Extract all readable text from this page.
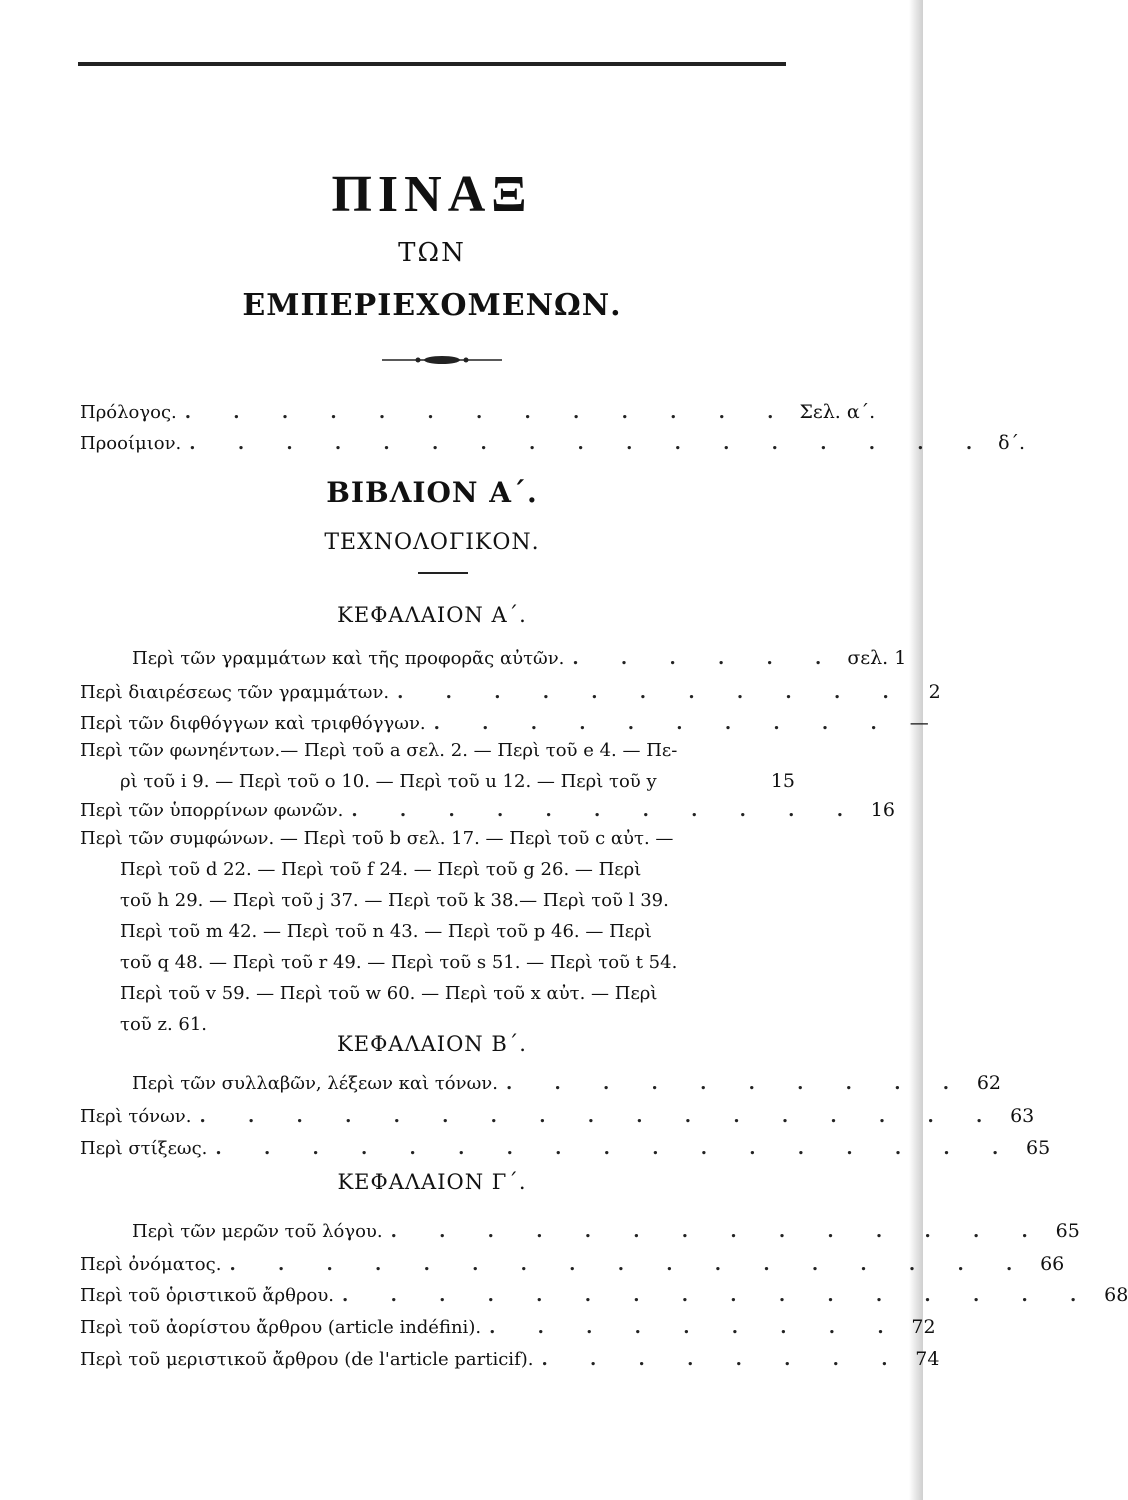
ΠΙΝΑΞ
ΤΩΝ
ΕΜΠΕΡΙΕΧΟΜΕΝΩΝ.
Πρόλογος. . . . . . . . . . . . . . Σελ. α΄.
Προοίμιον. . . . . . . . . . . . . . . . . . δ΄.
ΒΙΒΛΙΟΝ Α΄.
ΤΕΧΝΟΛΟΓΙΚΟΝ.
ΚΕΦΑΛΑΙΟΝ Α΄.
Περὶ τῶν γραμμάτων καὶ τῆς προφορᾶς αὐτῶν. . . . . . . σελ. 1
Περὶ διαιρέσεως τῶν γραμμάτων. . . . . . . . . . . .	2
Περὶ τῶν διφθόγγων καὶ τριφθόγγων. . . . . . . . . . . —
Περὶ τῶν φωνηέντων.— Περὶ τοῦ a σελ. 2. — Περὶ τοῦ e 4. — Πε-
ρὶ τοῦ i 9. — Περὶ τοῦ o 10. — Περὶ τοῦ u 12. — Περὶ τοῦ y	15
Περὶ τῶν ὑπορρίνων φωνῶν. . . . . . . . . . . . 16
Περὶ τῶν συμφώνων. — Περὶ τοῦ b σελ. 17. — Περὶ τοῦ c αὐτ. —
Περὶ τοῦ d 22. — Περὶ τοῦ f 24. — Περὶ τοῦ g 26. — Περὶ
τοῦ h 29. — Περὶ τοῦ j 37. — Περὶ τοῦ k 38.— Περὶ τοῦ l 39.
Περὶ τοῦ m 42. — Περὶ τοῦ n 43. — Περὶ τοῦ p 46. — Περὶ
τοῦ q 48. — Περὶ τοῦ r 49. — Περὶ τοῦ s 51. — Περὶ τοῦ t 54.
Περὶ τοῦ v 59. — Περὶ τοῦ w 60. — Περὶ τοῦ x αὐτ. — Περὶ
τοῦ z. 61.
ΚΕΦΑΛΑΙΟΝ Β΄.
Περὶ τῶν συλλαβῶν, λέξεων καὶ τόνων. . . . . . . . . . . 62
Περὶ τόνων. . . . . . . . . . . . . . . . . . 63
Περὶ στίξεως. . . . . . . . . . . . . . . . . . 65
ΚΕΦΑΛΑΙΟΝ Γ΄.
Περὶ τῶν μερῶν τοῦ λόγου. . . . . . . . . . . . . . . 65
Περὶ ὀνόματος. . . . . . . . . . . . . . . . . . 66
Περὶ τοῦ ὁριστικοῦ ἄρθρου. . . . . . . . . . . . . . . . . 68
Περὶ τοῦ ἀορίστου ἄρθρου (article indéfini). . . . . . . . . . 72
Περὶ τοῦ μεριστικοῦ ἄρθρου (de l'article particif). . . . . . . . . 74
